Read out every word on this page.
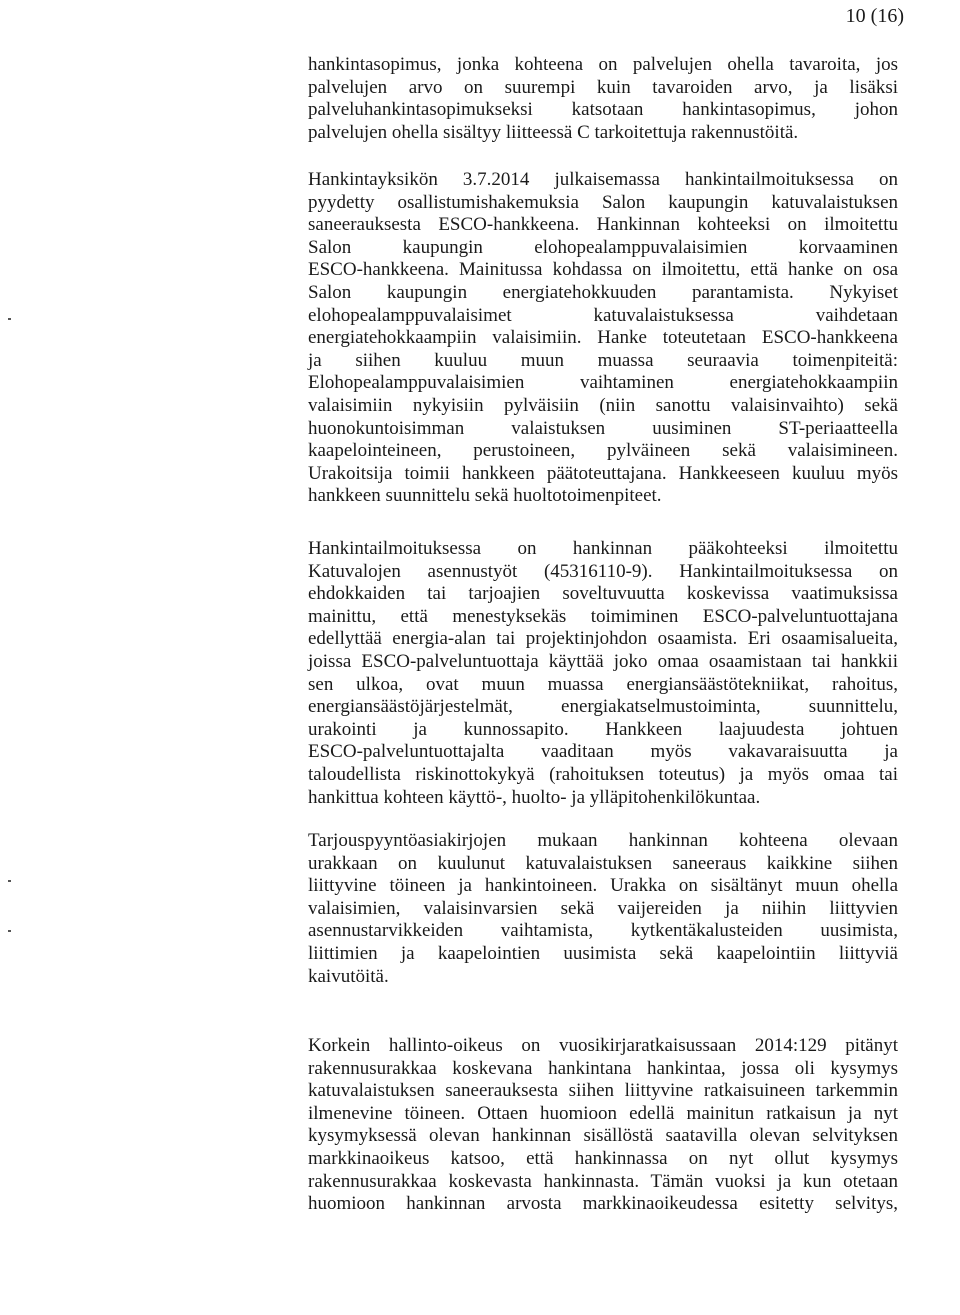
10 (16)
hankintasopimus, jonka kohteena on palvelujen ohella tavaroita, jos
palvelujen arvo on suurempi kuin tavaroiden arvo, ja lisäksi
palveluhankintasopimukseksi katsotaan hankintasopimus, johon
palvelujen ohella sisältyy liitteessä C tarkoitettuja rakennustöitä.
Hankintayksikön 3.7.2014 julkaisemassa hankintailmoituksessa on
pyydetty osallistumishakemuksia Salon kaupungin katuvalaistuksen
saneerauksesta ESCO-hankkeena. Hankinnan kohteeksi on ilmoitettu
Salon kaupungin elohopealamppuvalaisimien korvaaminen
ESCO-hankkeena. Mainitussa kohdassa on ilmoitettu, että hanke on osa
Salon kaupungin energiatehokkuuden parantamista. Nykyiset
elohopealamppuvalaisimet katuvalaistuksessa vaihdetaan
energiatehokkaampiin valaisimiin. Hanke toteutetaan ESCO-hankkeena
ja siihen kuuluu muun muassa seuraavia toimenpiteitä:
Elohopealamppuvalaisimien vaihtaminen energiatehokkaampiin
valaisimiin nykyisiin pylväisiin (niin sanottu valaisinvaihto) sekä
huonokuntoisimman valaistuksen uusiminen ST-periaatteella
kaapelointeineen, perustoineen, pylväineen sekä valaisimineen.
Urakoitsija toimii hankkeen päätoteuttajana. Hankkeeseen kuuluu myös
hankkeen suunnittelu sekä huoltotoimenpiteet.
Hankintailmoituksessa on hankinnan pääkohteeksi ilmoitettu
Katuvalojen asennustyöt (45316110-9). Hankintailmoituksessa on
ehdokkaiden tai tarjoajien soveltuvuutta koskevissa vaatimuksissa
mainittu, että menestyksekäs toimiminen ESCO-palveluntuottajana
edellyttää energia-alan tai projektinjohdon osaamista. Eri osaamisalueita,
joissa ESCO-palveluntuottaja käyttää joko omaa osaamistaan tai hankkii
sen ulkoa, ovat muun muassa energiansäästötekniikat, rahoitus,
energiansäästöjärjestelmät, energiakatselmustoiminta, suunnittelu,
urakointi ja kunnossapito. Hankkeen laajuudesta johtuen
ESCO-palveluntuottajalta vaaditaan myös vakavaraisuutta ja
taloudellista riskinottokykyä (rahoituksen toteutus) ja myös omaa tai
hankittua kohteen käyttö-, huolto- ja ylläpitohenkilökuntaa.
Tarjouspyyntöasiakirjojen mukaan hankinnan kohteena olevaan
urakkaan on kuulunut katuvalaistuksen saneeraus kaikkine siihen
liittyvine töineen ja hankintoineen. Urakka on sisältänyt muun ohella
valaisimien, valaisinvarsien sekä vaijereiden ja niihin liittyvien
asennustarvikkeiden vaihtamista, kytkentäkalusteiden uusimista,
liittimien ja kaapelointien uusimista sekä kaapelointiin liittyviä
kaivutöitä.
Korkein hallinto-oikeus on vuosikirjaratkaisussaan 2014:129 pitänyt
rakennusurakkaa koskevana hankintana hankintaa, jossa oli kysymys
katuvalaistuksen saneerauksesta siihen liittyvine ratkaisuineen tarkemmin
ilmenevine töineen. Ottaen huomioon edellä mainitun ratkaisun ja nyt
kysymyksessä olevan hankinnan sisällöstä saatavilla olevan selvityksen
markkinaoikeus katsoo, että hankinnassa on nyt ollut kysymys
rakennusurakkaa koskevasta hankinnasta. Tämän vuoksi ja kun otetaan
huomioon hankinnan arvosta markkinaoikeudessa esitetty selvitys,
